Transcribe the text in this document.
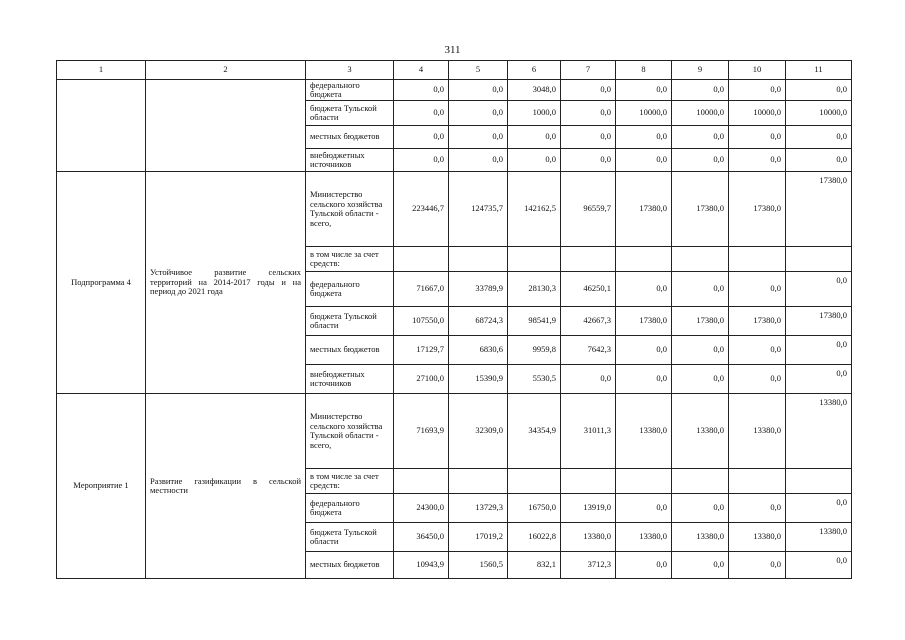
311
1	2	3	4	5	6	7	8	9	10	11
		федерального бюджета	0,0	0,0	3048,0	0,0	0,0	0,0	0,0	0,0
		бюджета Тульской области	0,0	0,0	1000,0	0,0	10000,0	10000,0	10000,0	10000,0
		местных бюджетов	0,0	0,0	0,0	0,0	0,0	0,0	0,0	0,0
		внебюджетных источников	0,0	0,0	0,0	0,0	0,0	0,0	0,0	0,0
Подпрограмма 4	Устойчивое развитие сельских территорий на 2014-2017 годы и на период до 2021 года	Министерство сельского хозяйства Тульской области - всего,	223446,7	124735,7	142162,5	96559,7	17380,0	17380,0	17380,0	17380,0
		в том числе за счет средств:								
		федерального бюджета	71667,0	33789,9	28130,3	46250,1	0,0	0,0	0,0	0,0
		бюджета Тульской области	107550,0	68724,3	98541,9	42667,3	17380,0	17380,0	17380,0	17380,0
		местных бюджетов	17129,7	6830,6	9959,8	7642,3	0,0	0,0	0,0	0,0
		внебюджетных источников	27100,0	15390,9	5530,5	0,0	0,0	0,0	0,0	0,0
Мероприятие 1	Развитие газификации в сельской местности	Министерство сельского хозяйства Тульской области - всего,	71693,9	32309,0	34354,9	31011,3	13380,0	13380,0	13380,0	13380,0
		в том числе за счет средств:								
		федерального бюджета	24300,0	13729,3	16750,0	13919,0	0,0	0,0	0,0	0,0
		бюджета Тульской области	36450,0	17019,2	16022,8	13380,0	13380,0	13380,0	13380,0	13380,0
		местных бюджетов	10943,9	1560,5	832,1	3712,3	0,0	0,0	0,0	0,0
